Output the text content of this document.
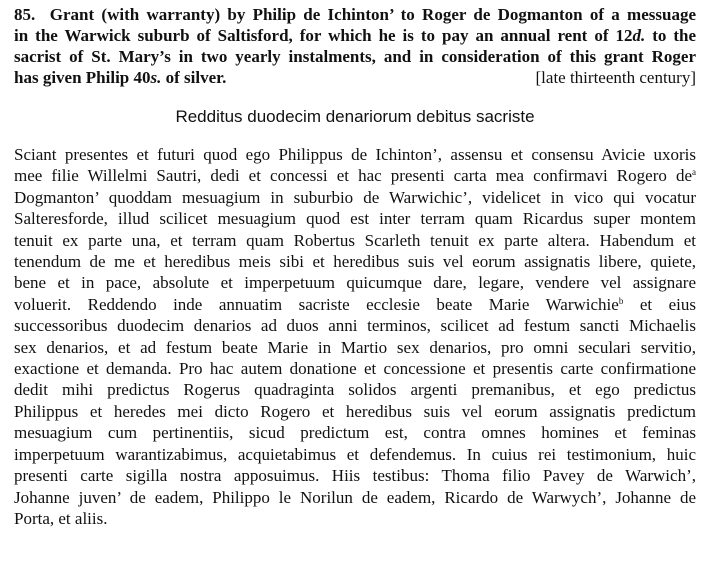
85. Grant (with warranty) by Philip de Ichinton’ to Roger de Dogmanton of a messuage
in the Warwick suburb of Saltisford, for which he is to pay an annual rent of 12d. to the
sacrist of St. Mary’s in two yearly instalments, and in consideration of this grant Roger
has given Philip 40s. of silver.	[late thirteenth century]
Redditus duodecim denariorum debitus sacriste
Sciant presentes et futuri quod ego Philippus de Ichinton’, assensu et consensu Avicie uxoris
mee filie Willelmi Sautri, dedi et concessi et hac presenti carta mea confirmavi Rogero $de^a$
Dogmanton’ quoddam mesuagium in suburbio de Warwichic’, videlicet in vico qui vocatur
Salteresforde, illud scilicet mesuagium quod est inter terram quam Ricardus super montem
tenuit ex parte una, et terram quam Robertus Scarleth tenuit ex parte altera. Habendum et
tenendum de me et heredibus meis sibi et heredibus suis vel eorum assignatis libere, quiete,
bene et in pace, absolute et imperpetuum quicumque dare, legare, vendere vel assignare
voluerit. Reddendo inde annuatim sacriste ecclesie beate Marie Warwichie$^b$ et eius
successoribus duodecim denarios ad duos anni terminos, scilicet ad festum sancti Michaelis
sex denarios, et ad festum beate Marie in Martio sex denarios, pro omni seculari servitio,
exactione et demanda. Pro hac autem donatione et concessione et presentis carte confirmatione
dedit mihi predictus Rogerus quadraginta solidos argenti premanibus, et ego predictus
Philippus et heredes mei dicto Rogero et heredibus suis vel eorum assignatis predictum
mesuagium cum pertinentiis, sicud predictum est, contra omnes homines et feminas
imperpetuum warantizabimus, acquietabimus et defendemus. In cuius rei testimonium, huic
presenti carte sigilla nostra apposuimus. Hiis testibus: Thoma filio Pavey de Warwich’,
Johanne juven’ de eadem, Philippo le Norilun de eadem, Ricardo de Warwych’, Johanne de
Porta, et aliis.
